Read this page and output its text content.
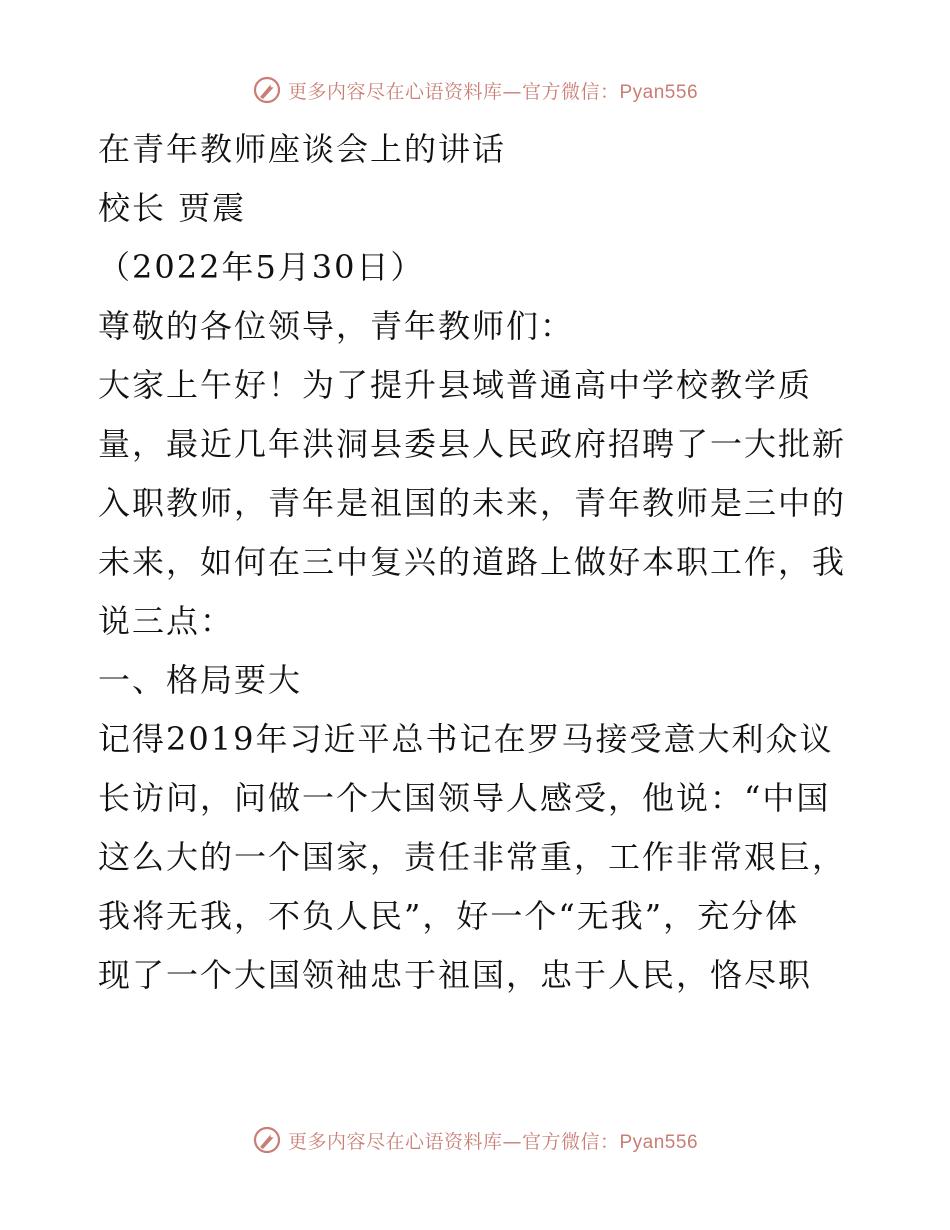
更多内容尽在心语资料库—官方微信：Pyan556
在青年教师座谈会上的讲话
校长 贾震
（2022年5月30日）
尊敬的各位领导，青年教师们：
大家上午好！为了提升县域普通高中学校教学质
量，最近几年洪洞县委县人民政府招聘了一大批新
入职教师，青年是祖国的未来，青年教师是三中的
未来，如何在三中复兴的道路上做好本职工作，我
说三点：
一、格局要大
记得2019年习近平总书记在罗马接受意大利众议
长访问，问做一个大国领导人感受，他说：“中国
这么大的一个国家，责任非常重，工作非常艰巨，
我将无我，不负人民”，好一个“无我”，充分体
现了一个大国领袖忠于祖国，忠于人民，恪尽职
更多内容尽在心语资料库—官方微信：Pyan556
